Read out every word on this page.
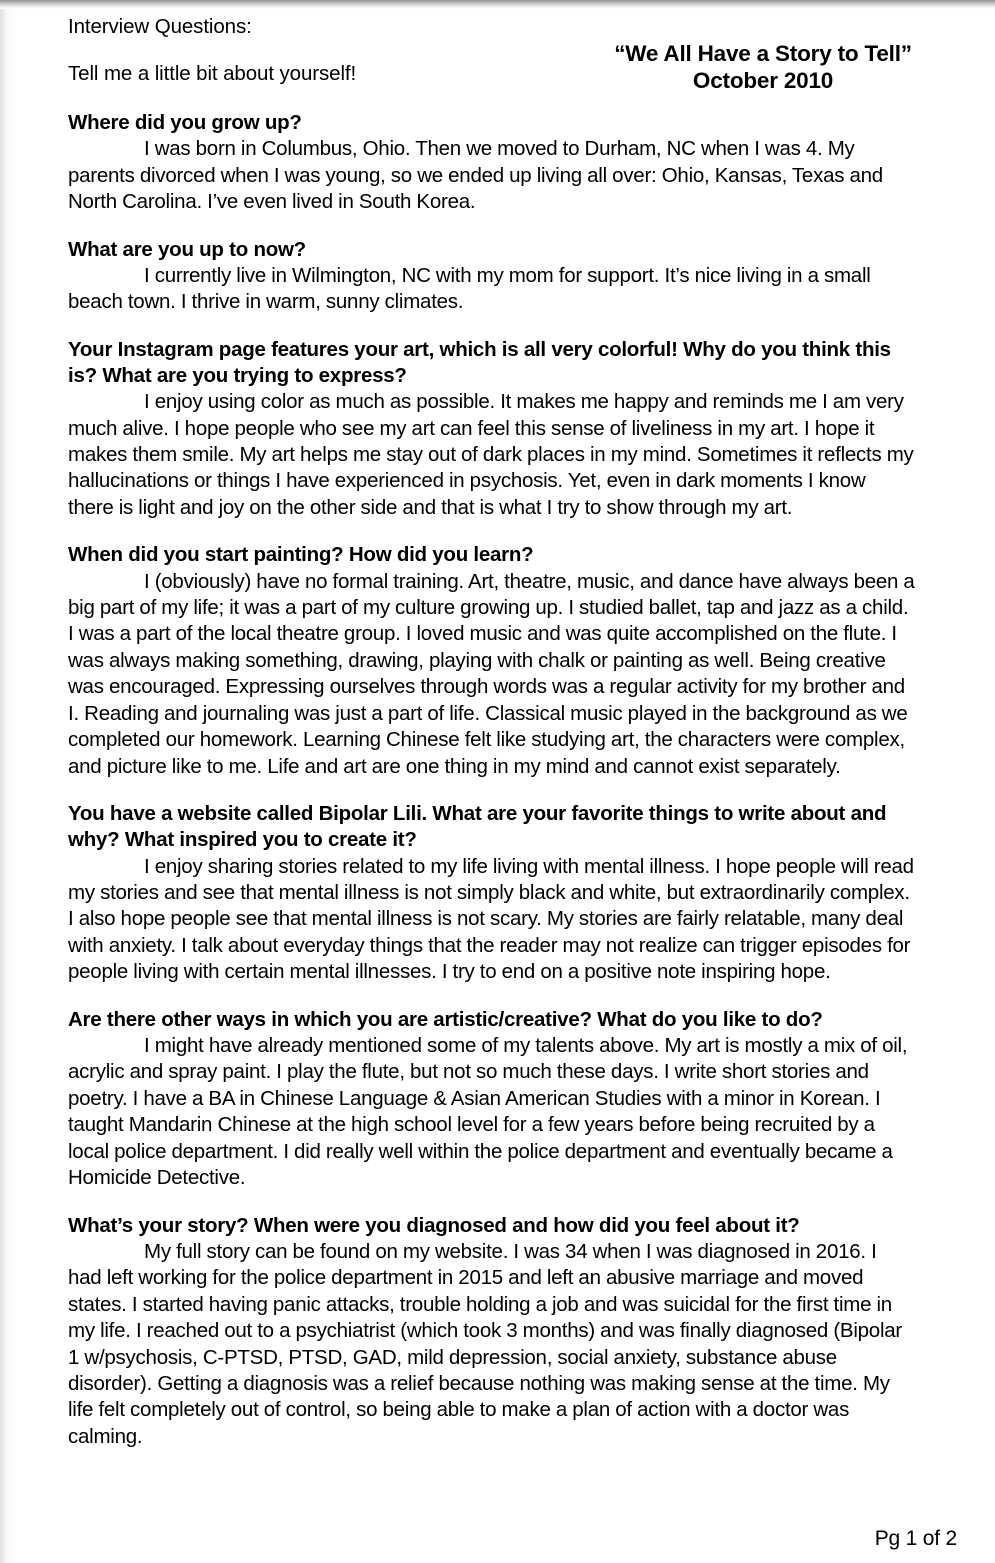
Interview Questions:
Tell me a little bit about yourself!
“We All Have a Story to Tell”
October 2010
Where did you grow up?
I was born in Columbus, Ohio. Then we moved to Durham, NC when I was 4. My parents divorced when I was young, so we ended up living all over: Ohio, Kansas, Texas and North Carolina. I’ve even lived in South Korea.
What are you up to now?
I currently live in Wilmington, NC with my mom for support. It’s nice living in a small beach town. I thrive in warm, sunny climates.
Your Instagram page features your art, which is all very colorful! Why do you think this is? What are you trying to express?
I enjoy using color as much as possible. It makes me happy and reminds me I am very much alive. I hope people who see my art can feel this sense of liveliness in my art. I hope it makes them smile. My art helps me stay out of dark places in my mind. Sometimes it reflects my hallucinations or things I have experienced in psychosis. Yet, even in dark moments I know there is light and joy on the other side and that is what I try to show through my art.
When did you start painting? How did you learn?
I (obviously) have no formal training. Art, theatre, music, and dance have always been a big part of my life; it was a part of my culture growing up. I studied ballet, tap and jazz as a child. I was a part of the local theatre group. I loved music and was quite accomplished on the flute. I was always making something, drawing, playing with chalk or painting as well. Being creative was encouraged. Expressing ourselves through words was a regular activity for my brother and I. Reading and journaling was just a part of life. Classical music played in the background as we completed our homework. Learning Chinese felt like studying art, the characters were complex, and picture like to me. Life and art are one thing in my mind and cannot exist separately.
You have a website called Bipolar Lili. What are your favorite things to write about and why? What inspired you to create it?
I enjoy sharing stories related to my life living with mental illness. I hope people will read my stories and see that mental illness is not simply black and white, but extraordinarily complex. I also hope people see that mental illness is not scary. My stories are fairly relatable, many deal with anxiety. I talk about everyday things that the reader may not realize can trigger episodes for people living with certain mental illnesses. I try to end on a positive note inspiring hope.
Are there other ways in which you are artistic/creative? What do you like to do?
I might have already mentioned some of my talents above. My art is mostly a mix of oil, acrylic and spray paint. I play the flute, but not so much these days. I write short stories and poetry. I have a BA in Chinese Language & Asian American Studies with a minor in Korean. I taught Mandarin Chinese at the high school level for a few years before being recruited by a local police department. I did really well within the police department and eventually became a Homicide Detective.
What’s your story? When were you diagnosed and how did you feel about it?
My full story can be found on my website. I was 34 when I was diagnosed in 2016. I had left working for the police department in 2015 and left an abusive marriage and moved states. I started having panic attacks, trouble holding a job and was suicidal for the first time in my life. I reached out to a psychiatrist (which took 3 months) and was finally diagnosed (Bipolar 1 w/psychosis, C-PTSD, PTSD, GAD, mild depression, social anxiety, substance abuse disorder). Getting a diagnosis was a relief because nothing was making sense at the time. My life felt completely out of control, so being able to make a plan of action with a doctor was calming.
Pg 1 of 2
